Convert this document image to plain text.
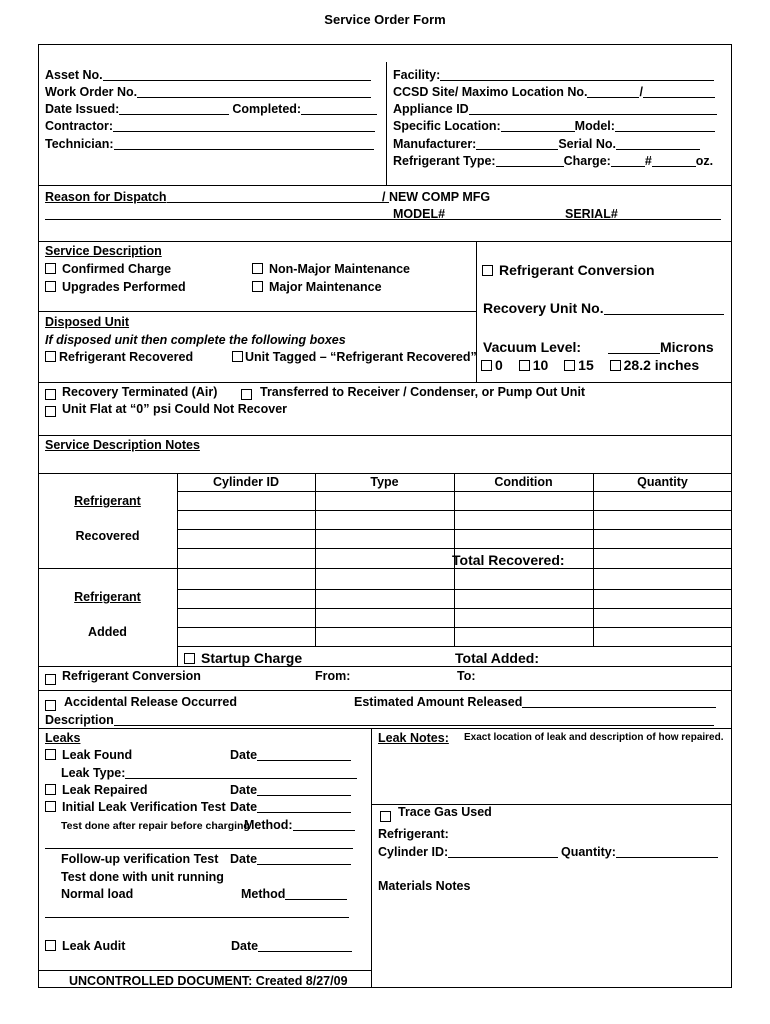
Service Order Form
Asset No.
Work Order No.
Date Issued:	Completed:
Contractor:
Technician:
Facility:
CCSD Site/ Maximo Location No.	/
Appliance ID
Specific Location:	Model:
Manufacturer:	Serial No.
Refrigerant Type:	Charge:	#	oz.
Reason for Dispatch	/ NEW COMP MFG
MODEL#	SERIAL#
Service Description
Confirmed Charge
Upgrades Performed
Non-Major Maintenance
Major Maintenance
Refrigerant Conversion
Recovery Unit No.
Disposed Unit
If disposed unit then complete the following boxes
Refrigerant Recovered	Unit Tagged – “Refrigerant Recovered”
Vacuum Level:	Microns
0 10 15 28.2 inches
Recovery Terminated (Air)	Transferred to Receiver / Condenser, or Pump Out Unit
Unit Flat at “0” psi Could Not Recover
Service Description Notes
Cylinder ID	Type	Condition	Quantity
Refrigerant
Recovered
Total Recovered:
Refrigerant
Added
Startup Charge	Total Added:
Refrigerant Conversion	From:	To:
Accidental Release Occurred	Estimated Amount Released
Description
Leaks
Leak Found	Date
Leak Type:
Leak Repaired	Date
Initial Leak Verification Test Date
Test done after repair before charging
Method:
Follow-up verification Test Date
Test done with unit running
Normal load	Method
Leak Audit	Date
UNCONTROLLED DOCUMENT: Created 8/27/09
Leak Notes: Exact location of leak and description of how repaired.
Trace Gas Used
Refrigerant:
Cylinder ID:	Quantity:
Materials Notes
